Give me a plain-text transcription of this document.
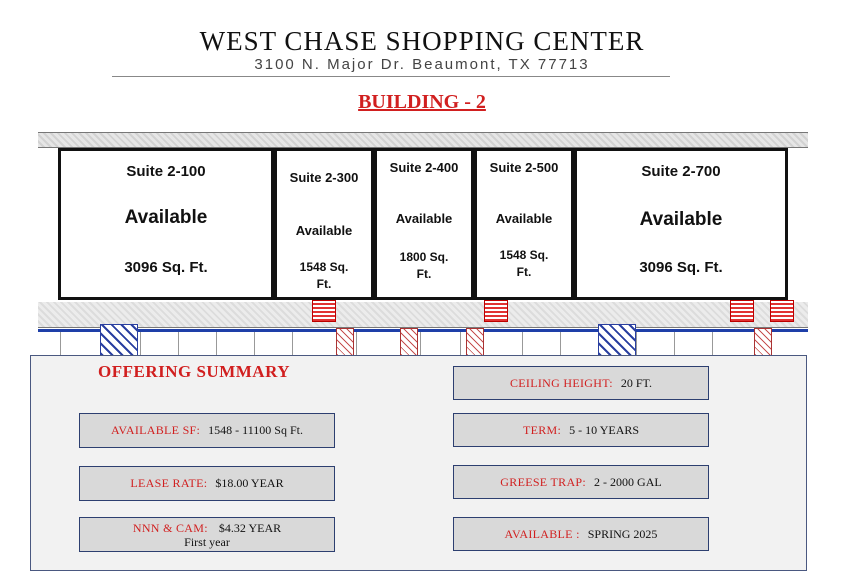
WEST CHASE SHOPPING CENTER
3100 N. Major Dr. Beaumont, TX 77713
BUILDING - 2
Suite 2-100
Available
3096 Sq. Ft.
Suite 2-300
Available
1548 Sq. Ft.
Suite 2-400
Available
1800 Sq. Ft.
Suite 2-500
Available
1548 Sq. Ft.
Suite 2-700
Available
3096 Sq. Ft.
OFFERING SUMMARY
AVAILABLE SF: 1548 - 11100 Sq Ft.
LEASE RATE: $18.00 YEAR
NNN & CAM: $4.32 YEAR
First year
CEILING HEIGHT: 20 FT.
TERM: 5 - 10 YEARS
GREESE TRAP: 2 - 2000 GAL
AVAILABLE : SPRING 2025
